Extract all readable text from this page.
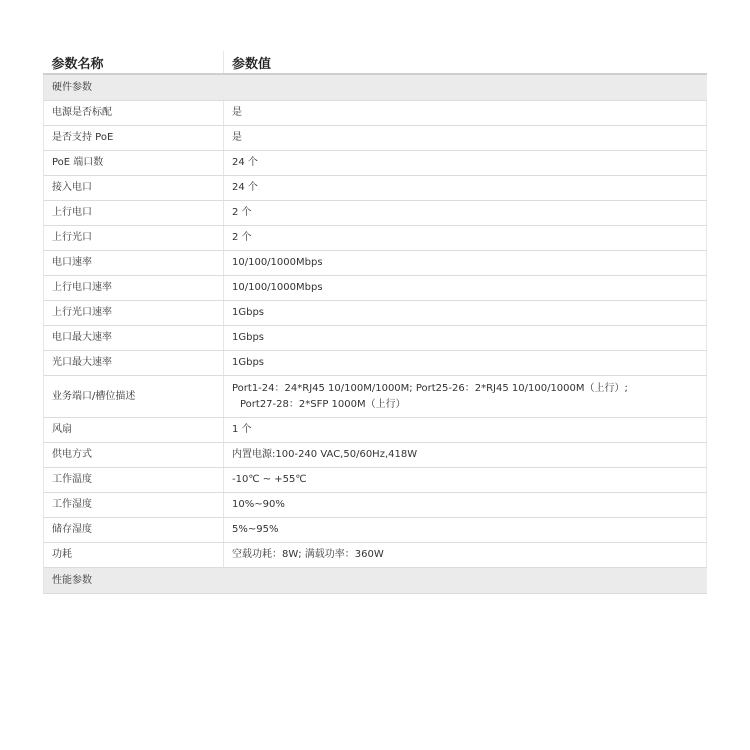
参数名称	参数值
硬件参数	
电源是否标配	是
是否支持 PoE	是
PoE 端口数	24 个
接入电口	24 个
上行电口	2 个
上行光口	2 个
电口速率	10/100/1000Mbps
上行电口速率	10/100/1000Mbps
上行光口速率	1Gbps
电口最大速率	1Gbps
光口最大速率	1Gbps
业务端口/槽位描述	Port1-24：24*RJ45 10/100M/1000M; Port25-26：2*RJ45 10/100/1000M（上行）;
Port27-28：2*SFP 1000M（上行）

风扇	1 个
供电方式	内置电源:100-240 VAC,50/60Hz,418W
工作温度	-10℃ ~ +55℃
工作湿度	10%~90%
储存湿度	5%~95%
功耗	空载功耗：8W; 满载功率：360W
性能参数	
